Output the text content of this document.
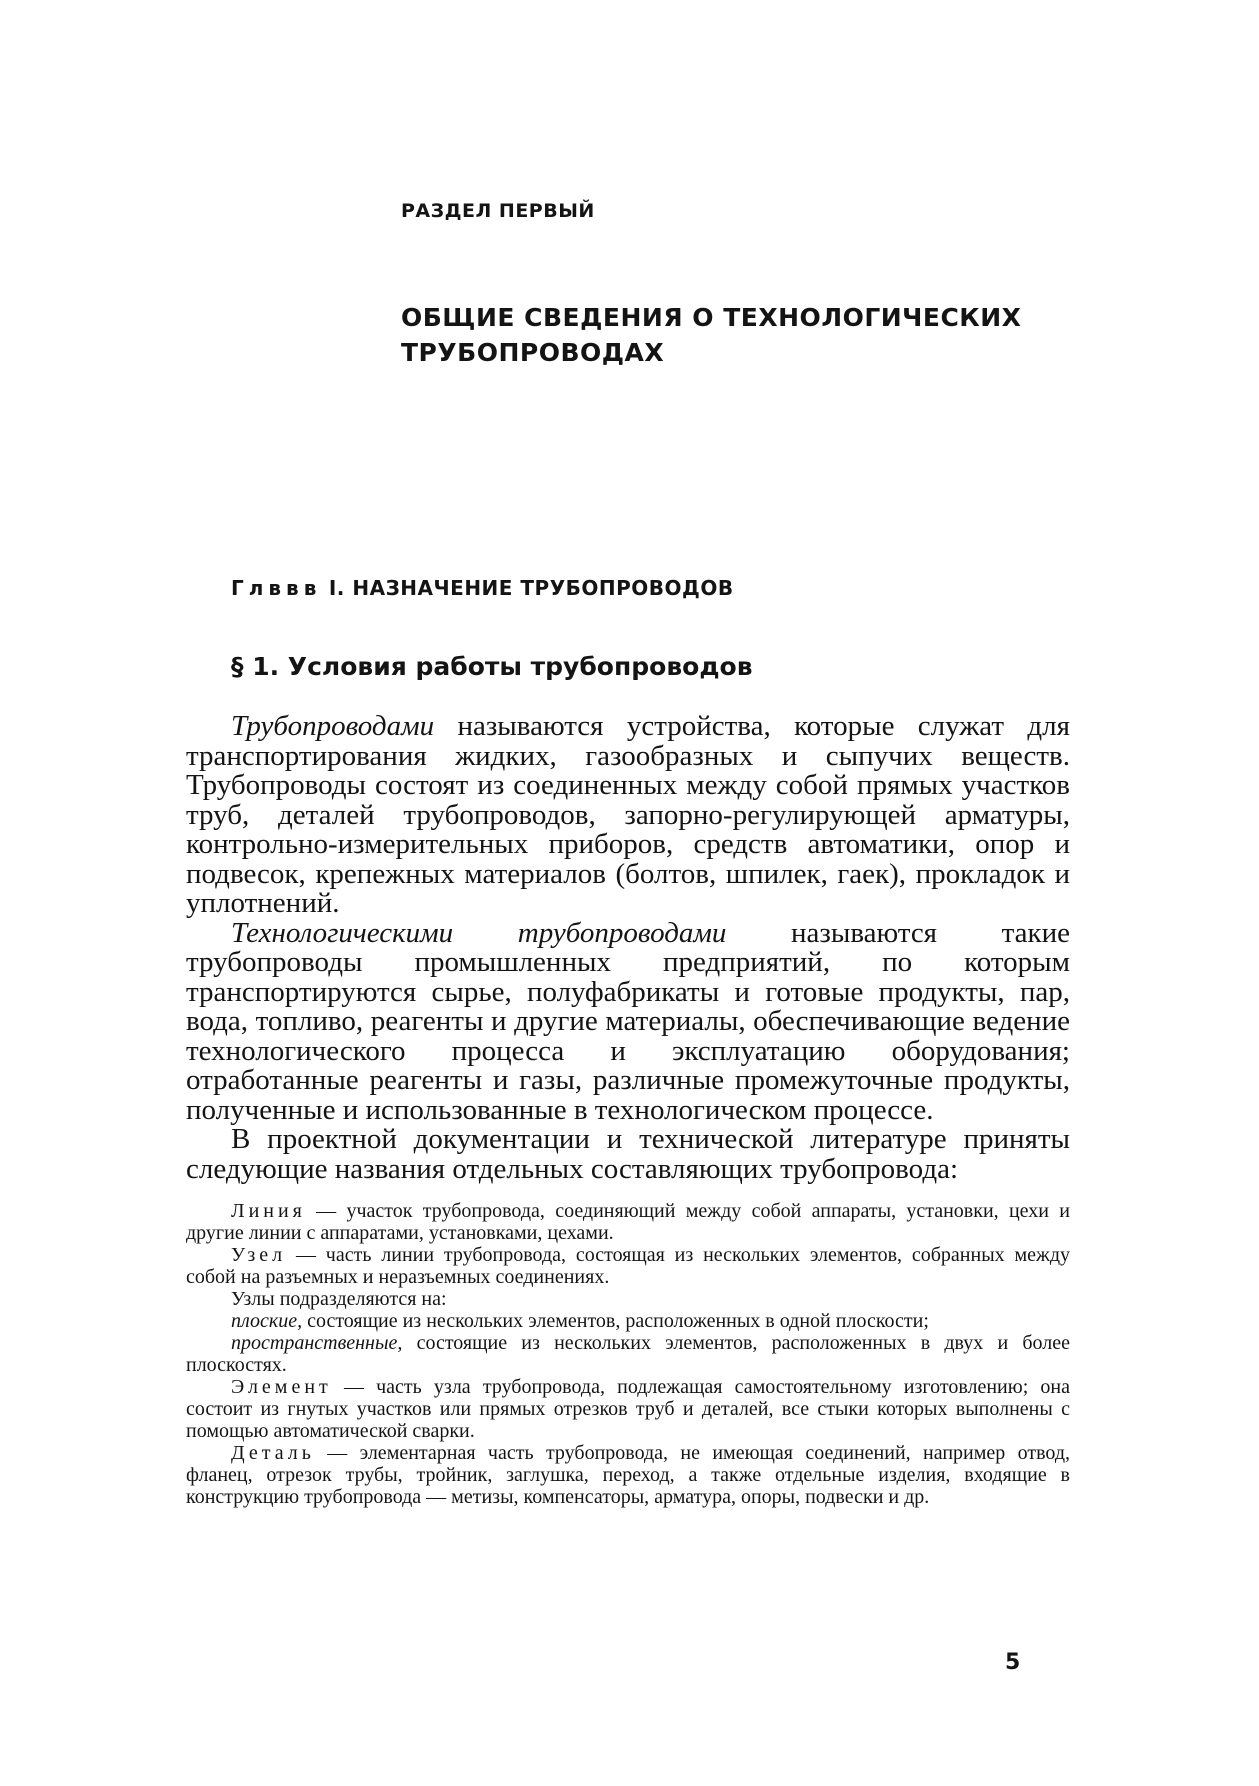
РАЗДЕЛ ПЕРВЫЙ
ОБЩИЕ СВЕДЕНИЯ О ТЕХНОЛОГИЧЕСКИХ
ТРУБОПРОВОДАХ
Глввв I. НАЗНАЧЕНИЕ ТРУБОПРОВОДОВ
§ 1. Условия работы трубопроводов

Трубопроводами называются устройства, которые служат для транспортирования жидких, газообразных и сыпучих веществ. Трубопроводы состоят из соединенных между собой прямых участков труб, деталей трубопроводов, запорно-регулирующей арматуры, контрольно-измерительных приборов, средств автоматики, опор и подвесок, крепежных материалов (болтов, шпилек, гаек), прокладок и уплотнений.

Технологическими трубопроводами называются такие трубопроводы промышленных предприятий, по которым транспортируются сырье, полуфабрикаты и готовые продукты, пар, вода, топливо, реагенты и другие материалы, обеспечивающие ведение технологического процесса и эксплуатацию оборудования; отработанные реагенты и газы, различные промежуточные продукты, полученные и использованные в технологическом процессе.

В проектной документации и технической литературе приняты следующие названия отдельных составляющих трубопровода:

Линия — участок трубопровода, соединяющий между собой аппараты, установки, цехи и другие линии с аппаратами, установками, цехами.

Узел — часть линии трубопровода, состоящая из нескольких элементов, собранных между собой на разъемных и неразъемных соединениях.

Узлы подразделяются на:

плоские, состоящие из нескольких элементов, расположенных в одной плоскости;

пространственные, состоящие из нескольких элементов, расположенных в двух и более плоскостях.

Элемент — часть узла трубопровода, подлежащая самостоятельному изготовлению; она состоит из гнутых участков или прямых отрезков труб и деталей, все стыки которых выполнены с помощью автоматической сварки.

Деталь — элементарная часть трубопровода, не имеющая соединений, например отвод, фланец, отрезок трубы, тройник, заглушка, переход, а также отдельные изделия, входящие в конструкцию трубопровода — метизы, компенсаторы, арматура, опоры, подвески и др.

5
